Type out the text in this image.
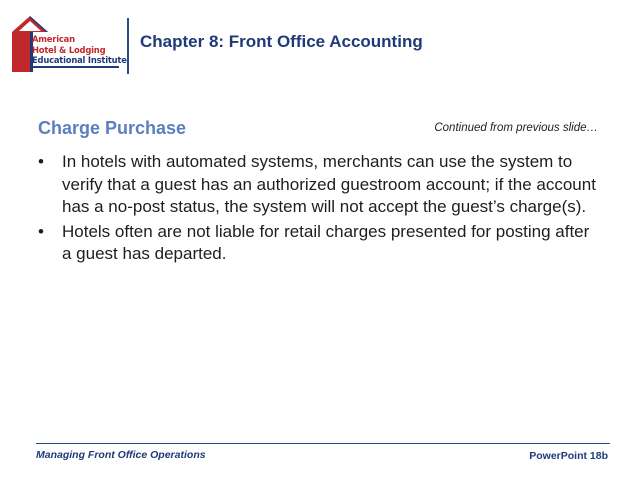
American
Hotel & Lodging
Educational Institute
Chapter 8: Front Office Accounting
Charge Purchase	Continued from previous slide…
• In hotels with automated systems, merchants can use the system to verify that a guest has an authorized guestroom account; if the account has a no-post status, the system will not accept the guest’s charge(s).
• Hotels often are not liable for retail charges presented for posting after a guest has departed.
Managing Front Office Operations	PowerPoint 18b
